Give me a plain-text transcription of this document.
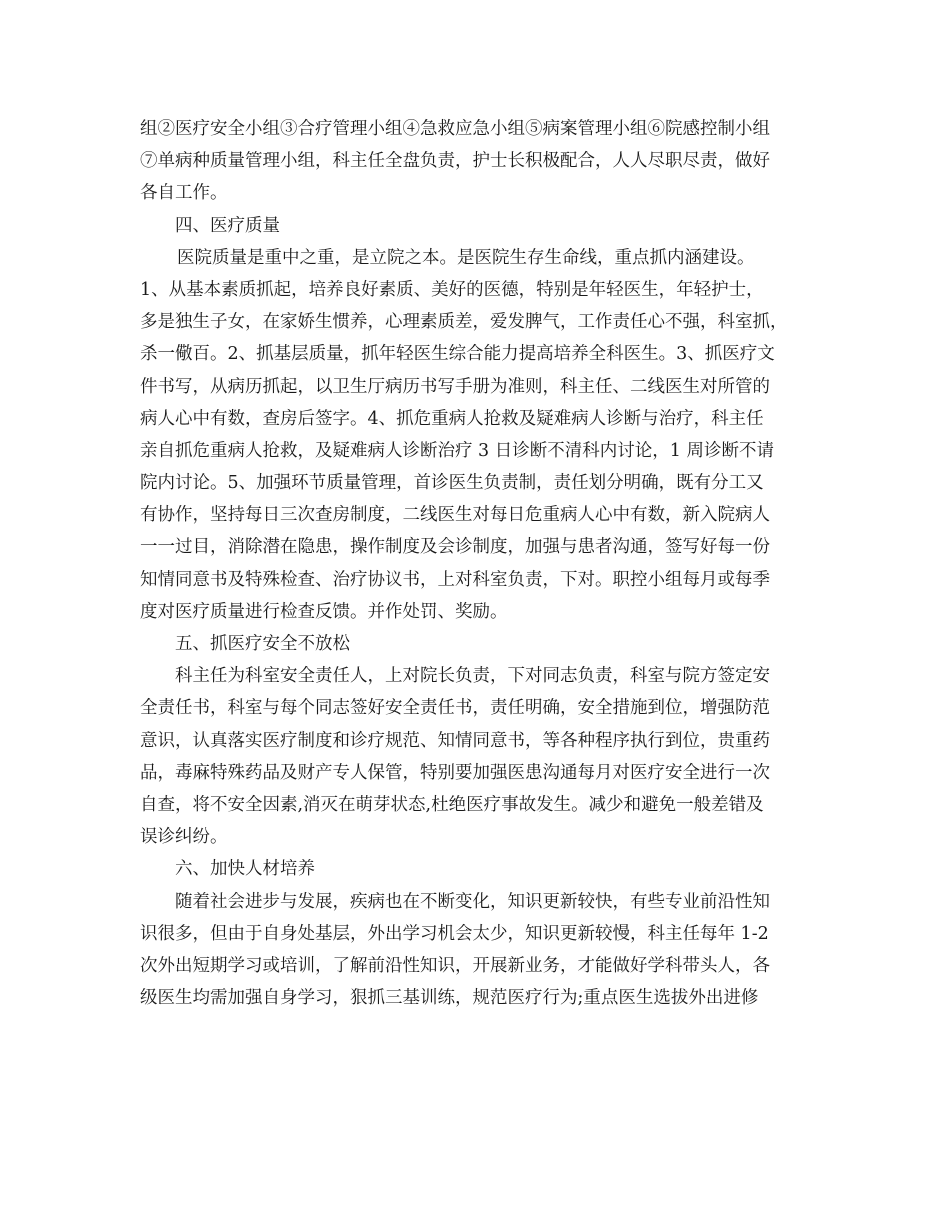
组②医疗安全小组③合疗管理小组④急救应急小组⑤病案管理小组⑥院感控制小组
⑦单病种质量管理小组，科主任全盘负责，护士长积极配合，人人尽职尽责，做好
各自工作。
四、医疗质量
医院质量是重中之重，是立院之本。是医院生存生命线，重点抓内涵建设。
1、从基本素质抓起，培养良好素质、美好的医德，特别是年轻医生，年轻护士，
多是独生子女，在家娇生惯养，心理素质差，爱发脾气，工作责任心不强，科室抓，
杀一儆百。2、抓基层质量，抓年轻医生综合能力提高培养全科医生。3、抓医疗文
件书写，从病历抓起，以卫生厅病历书写手册为准则，科主任、二线医生对所管的
病人心中有数，查房后签字。4、抓危重病人抢救及疑难病人诊断与治疗，科主任
亲自抓危重病人抢救，及疑难病人诊断治疗 3 日诊断不清科内讨论，1 周诊断不请
院内讨论。5、加强环节质量管理，首诊医生负责制，责任划分明确，既有分工又
有协作，坚持每日三次查房制度，二线医生对每日危重病人心中有数，新入院病人
一一过目，消除潜在隐患，操作制度及会诊制度，加强与患者沟通，签写好每一份
知情同意书及特殊检查、治疗协议书，上对科室负责，下对。职控小组每月或每季
度对医疗质量进行检查反馈。并作处罚、奖励。
五、抓医疗安全不放松
科主任为科室安全责任人，上对院长负责，下对同志负责，科室与院方签定安
全责任书，科室与每个同志签好安全责任书，责任明确，安全措施到位，增强防范
意识，认真落实医疗制度和诊疗规范、知情同意书，等各种程序执行到位，贵重药
品，毒麻特殊药品及财产专人保管，特别要加强医患沟通每月对医疗安全进行一次
自查，将不安全因素,消灭在萌芽状态,杜绝医疗事故发生。减少和避免一般差错及
误诊纠纷。
六、加快人材培养
随着社会进步与发展，疾病也在不断变化，知识更新较快，有些专业前沿性知
识很多，但由于自身处基层，外出学习机会太少，知识更新较慢，科主任每年 1-2
次外出短期学习或培训，了解前沿性知识，开展新业务，才能做好学科带头人，各
级医生均需加强自身学习，狠抓三基训练，规范医疗行为;重点医生选拔外出进修
